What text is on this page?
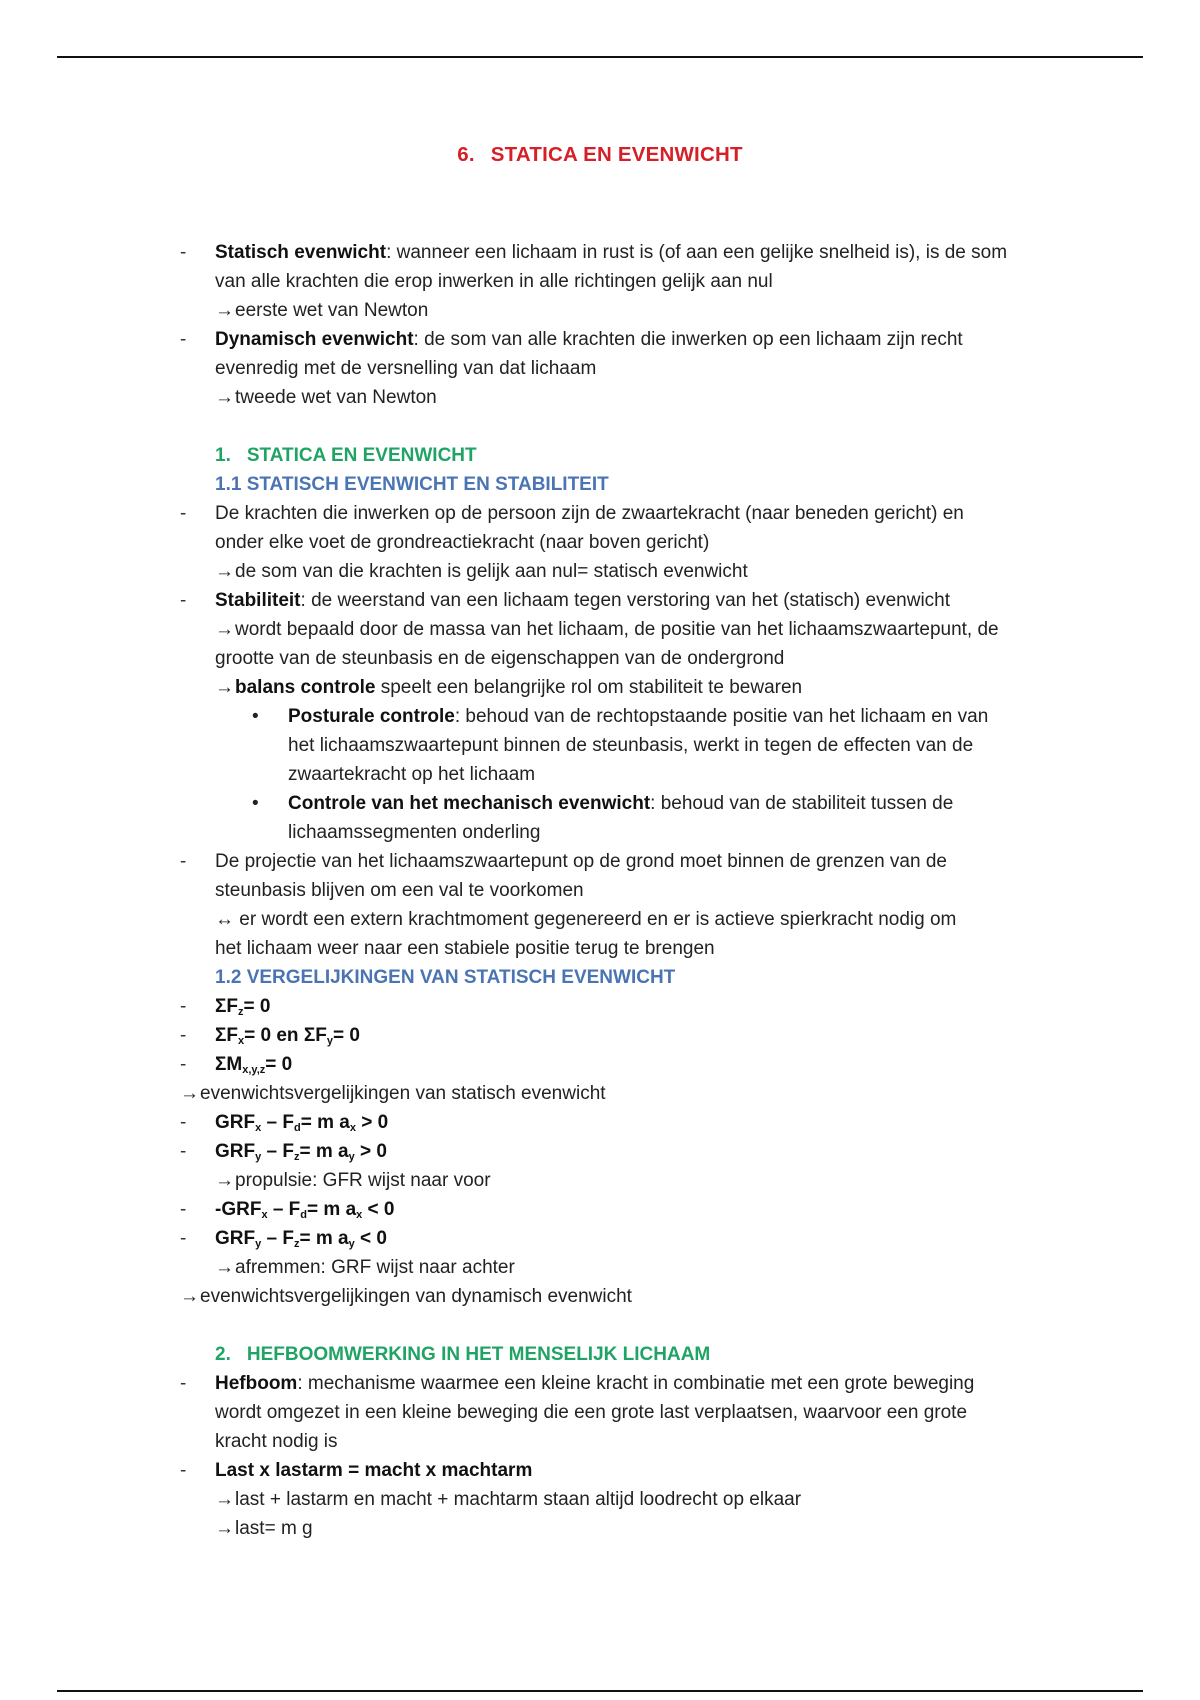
6. STATICA EN EVENWICHT
- Statisch evenwicht: wanneer een lichaam in rust is (of aan een gelijke snelheid is), is de som
van alle krachten die erop inwerken in alle richtingen gelijk aan nul
→eerste wet van Newton
- Dynamisch evenwicht: de som van alle krachten die inwerken op een lichaam zijn recht
evenredig met de versnelling van dat lichaam
→tweede wet van Newton
1. STATICA EN EVENWICHT
1.1 STATISCH EVENWICHT EN STABILITEIT
- De krachten die inwerken op de persoon zijn de zwaartekracht (naar beneden gericht) en
onder elke voet de grondreactiekracht (naar boven gericht)
→de som van die krachten is gelijk aan nul= statisch evenwicht
- Stabiliteit: de weerstand van een lichaam tegen verstoring van het (statisch) evenwicht
→wordt bepaald door de massa van het lichaam, de positie van het lichaamszwaartepunt, de
grootte van de steunbasis en de eigenschappen van de ondergrond
→balans controle speelt een belangrijke rol om stabiliteit te bewaren
• Posturale controle: behoud van de rechtopstaande positie van het lichaam en van
het lichaamszwaartepunt binnen de steunbasis, werkt in tegen de effecten van de
zwaartekracht op het lichaam
• Controle van het mechanisch evenwicht: behoud van de stabiliteit tussen de
lichaamssegmenten onderling
- De projectie van het lichaamszwaartepunt op de grond moet binnen de grenzen van de
steunbasis blijven om een val te voorkomen
↔ er wordt een extern krachtmoment gegenereerd en er is actieve spierkracht nodig om
het lichaam weer naar een stabiele positie terug te brengen
1.2 VERGELIJKINGEN VAN STATISCH EVENWICHT
- $\Sigma F_z= 0$
- $\Sigma F_x= 0$ en $\Sigma F_y= 0$
- $\Sigma M_{x,y,z}= 0$
→evenwichtsvergelijkingen van statisch evenwicht
- $GRF_x - F_d= m$ $a_x > 0$
- $GRF_y - F_z= m$ $a_y > 0$
→propulsie: GFR wijst naar voor
- $-GRF_x - F_d= m$ $a_x < 0$
- $GRF_y - F_z= m$ $a_y < 0$
→afremmen: GRF wijst naar achter
→evenwichtsvergelijkingen van dynamisch evenwicht
2. HEFBOOMWERKING IN HET MENSELIJK LICHAAM
- Hefboom: mechanisme waarmee een kleine kracht in combinatie met een grote beweging
wordt omgezet in een kleine beweging die een grote last verplaatsen, waarvoor een grote
kracht nodig is
- Last x lastarm = macht x machtarm
→last + lastarm en macht + machtarm staan altijd loodrecht op elkaar
→last= m g
